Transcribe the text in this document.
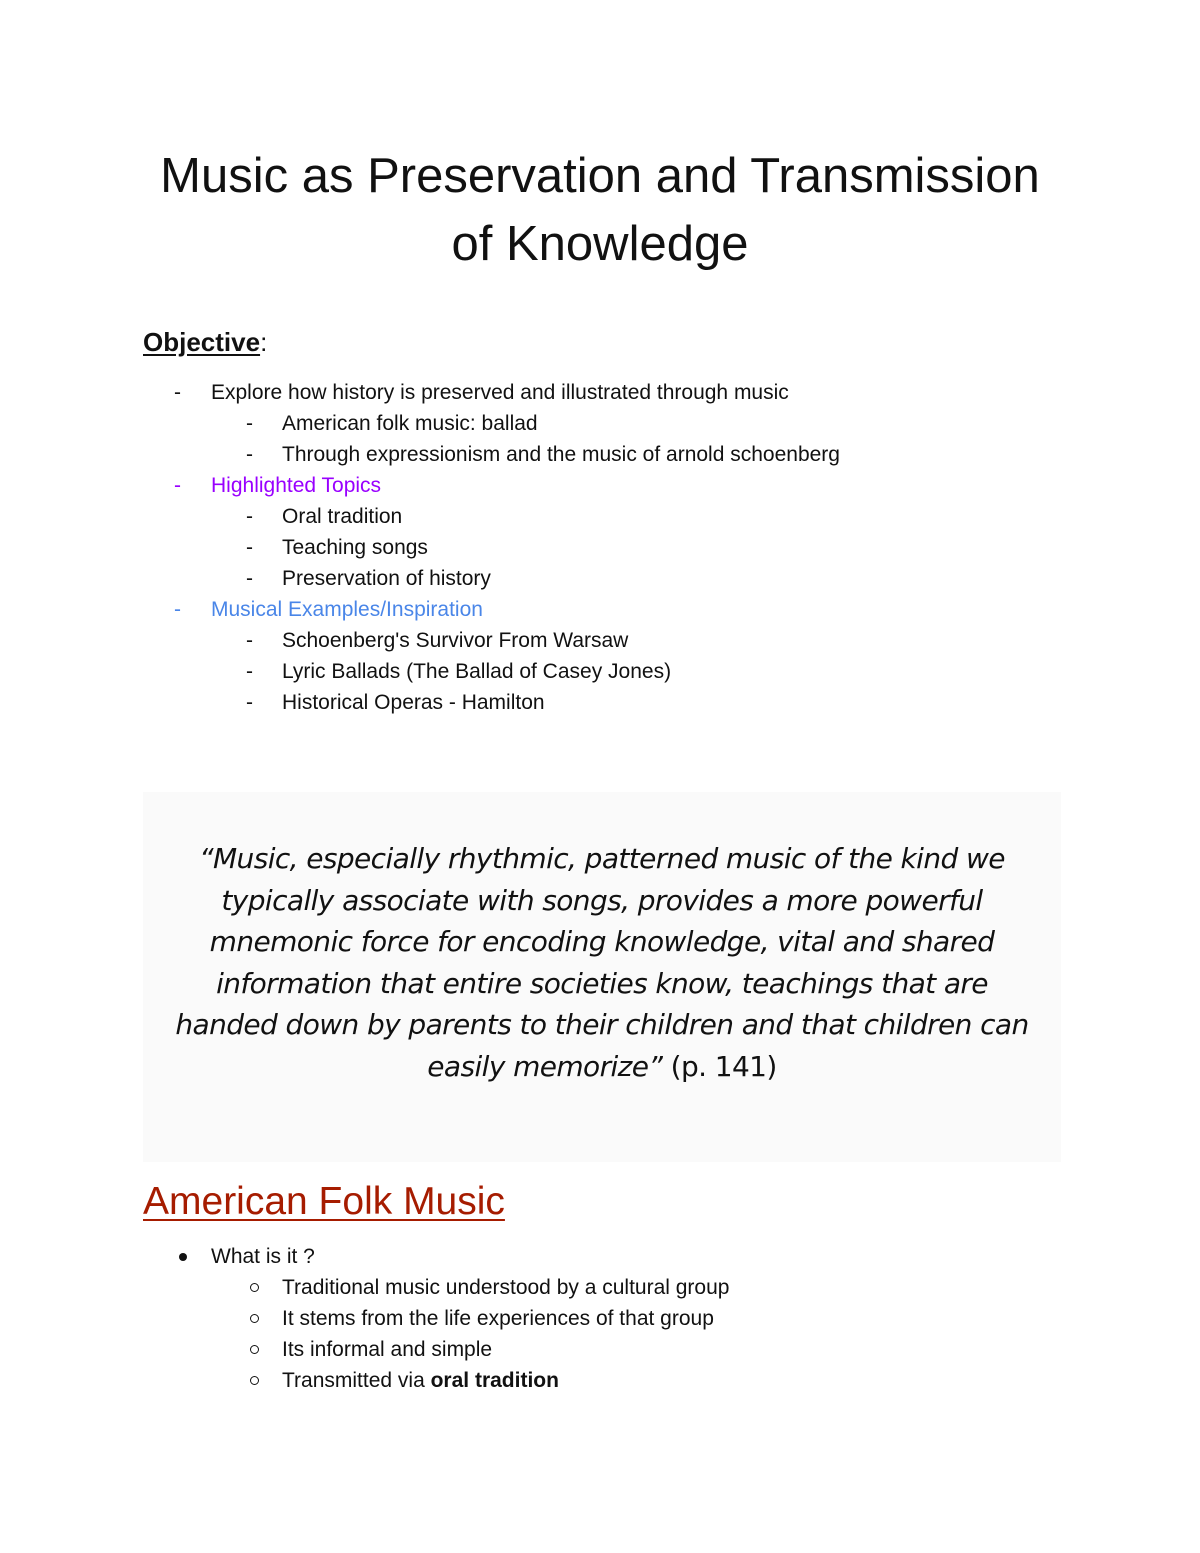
Music as Preservation and Transmission
of Knowledge

Objective:

- Explore how history is preserved and illustrated through music
- American folk music: ballad
- Through expressionism and the music of arnold schoenberg
- Highlighted Topics
- Oral tradition
- Teaching songs
- Preservation of history
- Musical Examples/Inspiration
- Schoenberg's Survivor From Warsaw
- Lyric Ballads (The Ballad of Casey Jones)
- Historical Operas - Hamilton
“Music, especially rhythmic, patterned music of the kind we
typically associate with songs, provides a more powerful
mnemonic force for encoding knowledge, vital and shared
information that entire societies know, teachings that are
handed down by parents to their children and that children can
easily memorize” (p. 141)
American Folk Music
What is it ?
Traditional music understood by a cultural group
It stems from the life experiences of that group
Its informal and simple
Transmitted via oral tradition
